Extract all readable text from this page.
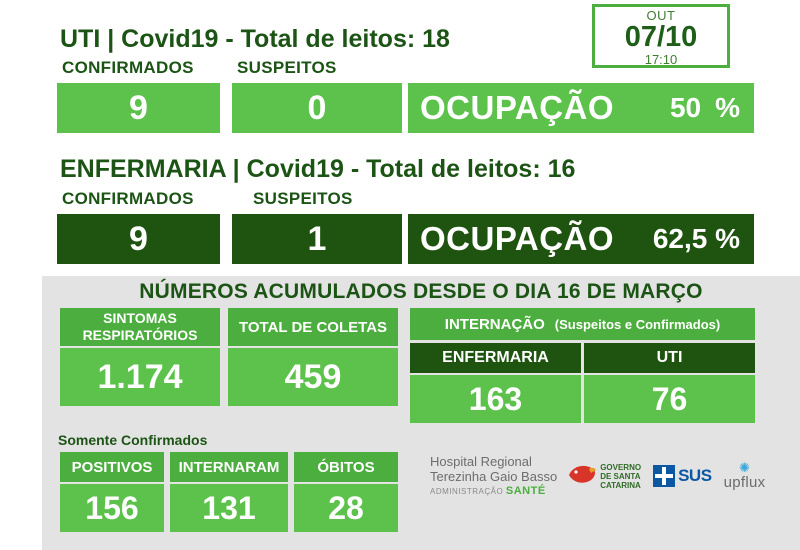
OUT
07/10
17:10
UTI | Covid19 - Total de leitos: 18
CONFIRMADOS	SUSPEITOS
9	0	OCUPAÇÃO 50 %
ENFERMARIA | Covid19 - Total de leitos: 16
CONFIRMADOS	SUSPEITOS
9	1	OCUPAÇÃO 62,5 %
NÚMEROS ACUMULADOS DESDE O DIA 16 DE MARÇO
SINTOMAS RESPIRATÓRIOS
1.174
TOTAL DE COLETAS
459
INTERNAÇÃO (Suspeitos e Confirmados)
ENFERMARIA
163
UTI
76
Somente Confirmados
POSITIVOS
156
INTERNARAM
131
ÓBITOS
28
Hospital Regional
Terezinha Gaio Basso
ADMINISTRAÇÃO SANTÉ
GOVERNO
DE SANTA
CATARINA SUS ✺
upflux
